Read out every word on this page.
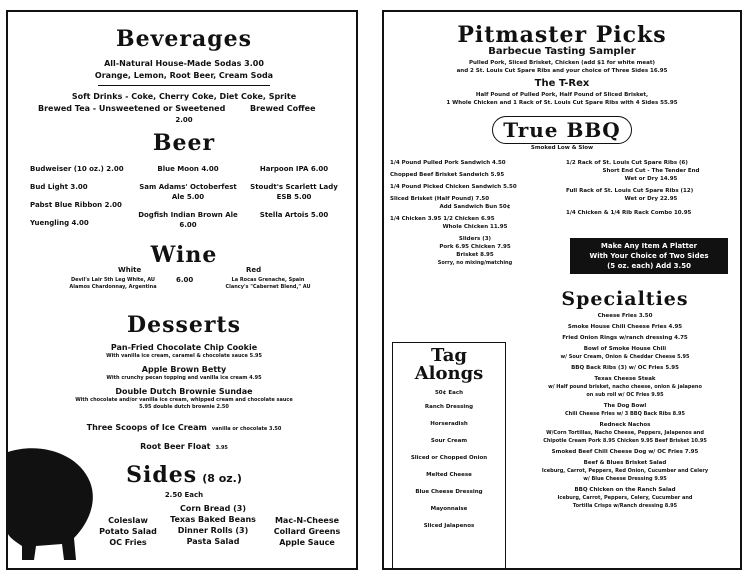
Beverages
All-Natural House-Made Sodas 3.00
Orange, Lemon, Root Beer, Cream Soda
Soft Drinks - Coke, Cherry Coke, Diet Coke, Sprite
Brewed Tea - Unsweetened or Sweetened	Brewed Coffee
2.00
Beer
Budweiser (10 oz.) 2.00
Bud Light 3.00
Pabst Blue Ribbon 2.00
Yuengling 4.00
Blue Moon 4.00
Sam Adams' Octoberfest Ale 5.00
Dogfish Indian Brown Ale 6.00
Harpoon IPA 6.00
Stoudt's Scarlett Lady ESB 5.00
Stella Artois 5.00
Wine
White
6.00
Red
Devil's Lair 5th Leg White, AU
Alamos Chardonnay, Argentina
La Rocas Grenache, Spain
Clancy's "Cabernet Blend," AU
Desserts
Pan-Fried Chocolate Chip Cookie
With vanilla ice cream, caramel & chocolate sauce 5.95
Apple Brown Betty
With crunchy pecan topping and vanilla ice cream 4.95
Double Dutch Brownie Sundae
With chocolate and/or vanilla ice cream, whipped cream and chocolate sauce 5.95 double dutch brownie 2.50
Three Scoops of Ice Cream vanilla or chocolate 3.50
Root Beer Float 3.95
Sides (8 oz.)
2.50 Each
Coleslaw
Potato Salad
OC Fries
Corn Bread (3)
Texas Baked Beans
Dinner Rolls (3)
Pasta Salad
Mac-N-Cheese
Collard Greens
Apple Sauce
Pitmaster Picks
Barbecue Tasting Sampler
Pulled Pork, Sliced Brisket, Chicken (add $1 for white meat)
and 2 St. Louis Cut Spare Ribs and your choice of Three Sides 16.95
The T-Rex
Half Pound of Pulled Pork, Half Pound of Sliced Brisket,
1 Whole Chicken and 1 Rack of St. Louis Cut Spare Ribs with 4 Sides 55.95
True BBQ
Smoked Low & Slow
1/4 Pound Pulled Pork Sandwich 4.50
Chopped Beef Brisket Sandwich 5.95
1/4 Pound Picked Chicken Sandwich 5.50
Sliced Brisket (Half Pound) 7.50
Add Sandwich Bun 50¢
1/4 Chicken 3.95 1/2 Chicken 6.95
Whole Chicken 11.95
Sliders (3)
Pork 6.95 Chicken 7.95
Brisket 8.95
Sorry, no mixing/matching
1/2 Rack of St. Louis Cut Spare Ribs (6)
Short End Cut - The Tender End
Wet or Dry 14.95
Full Rack of St. Louis Cut Spare Ribs (12)
Wet or Dry 22.95
1/4 Chicken & 1/4 Rib Rack Combo 10.95
Make Any Item A Platter
With Your Choice of Two Sides
(5 oz. each) Add 3.50
Tag
Alongs
50¢ Each
Ranch Dressing
Horseradish
Sour Cream
Sliced or Chopped Onion
Melted Cheese
Blue Cheese Dressing
Mayonnaise
Sliced Jalapenos
Specialties
Cheese Fries 3.50
Smoke House Chili Cheese Fries 4.95
Fried Onion Rings w/ranch dressing 4.75
Bowl of Smoke House Chili
w/ Sour Cream, Onion & Cheddar Cheese 5.95
BBQ Back Ribs (3) w/ OC Fries 5.95
Texas Cheese Steak
w/ Half pound brisket, nacho cheese, onion & jalapeno
on sub roll w/ OC Fries 9.95
The Dog Bowl
Chili Cheese Fries w/ 3 BBQ Back Ribs 8.95
Redneck Nachos
W/Corn Tortillas, Nacho Cheese, Peppers, Jalapenos and
Chipotle Cream Pork 8.95 Chicken 9.95 Beef Brisket 10.95
Smoked Beef Chili Cheese Dog w/ OC Fries 7.95
Beef & Blues Brisket Salad
Iceburg, Carrot, Peppers, Red Onion, Cucumber and Celery
w/ Blue Cheese Dressing 9.95
BBQ Chicken on the Ranch Salad
Iceburg, Carrot, Peppers, Celery, Cucumber and
Tortilla Crisps w/Ranch dressing 8.95
